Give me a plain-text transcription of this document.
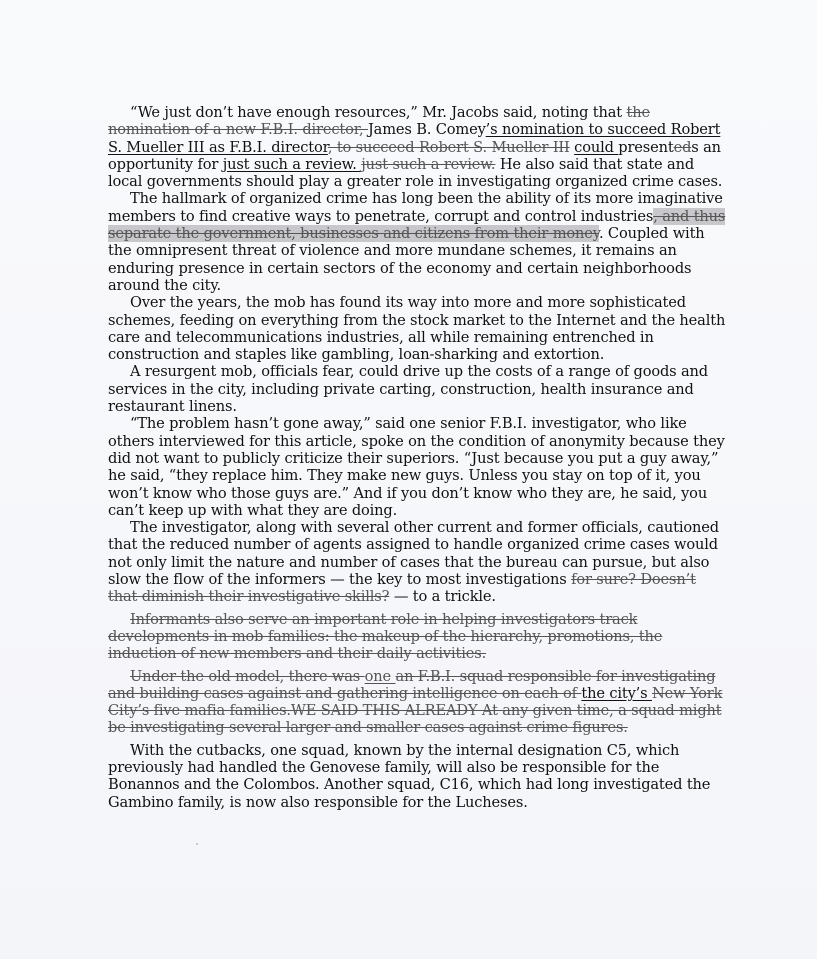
“We just don’t have enough resources,” Mr. Jacobs said, noting that the nomination of a new F.B.I. director, James B. Comey’s nomination to succeed Robert S. Mueller III as F.B.I. director, to succeed Robert S. Mueller III could presenteds an opportunity for just such a review. just such a review. He also said that state and local governments should play a greater role in investigating organized crime cases.

The hallmark of organized crime has long been the ability of its more imaginative members to find creative ways to penetrate, corrupt and control industries, and thus separate the government, businesses and citizens from their money. Coupled with the omnipresent threat of violence and more mundane schemes, it remains an enduring presence in certain sectors of the economy and certain neighborhoods around the city.

Over the years, the mob has found its way into more and more sophisticated schemes, feeding on everything from the stock market to the Internet and the health care and telecommunications industries, all while remaining entrenched in construction and staples like gambling, loan-sharking and extortion.

A resurgent mob, officials fear, could drive up the costs of a range of goods and services in the city, including private carting, construction, health insurance and restaurant linens.

“The problem hasn’t gone away,” said one senior F.B.I. investigator, who like others interviewed for this article, spoke on the condition of anonymity because they did not want to publicly criticize their superiors. “Just because you put a guy away,” he said, “they replace him. They make new guys. Unless you stay on top of it, you won’t know who those guys are.” And if you don’t know who they are, he said, you can’t keep up with what they are doing.

The investigator, along with several other current and former officials, cautioned that the reduced number of agents assigned to handle organized crime cases would not only limit the nature and number of cases that the bureau can pursue, but also slow the flow of the informers — the key to most investigations for sure? Doesn’t that diminish their investigative skills? — to a trickle.

Informants also serve an important role in helping investigators track developments in mob families: the makeup of the hierarchy, promotions, the induction of new members and their daily activities.

Under the old model, there was one an F.B.I. squad responsible for investigating and building cases against and gathering intelligence on each of the city’s New York City’s five mafia families.WE SAID THIS ALREADY At any given time, a squad might be investigating several larger and smaller cases against crime figures.

With the cutbacks, one squad, known by the internal designation C5, which previously had handled the Genovese family, will also be responsible for the Bonannos and the Colombos. Another squad, C16, which had long investigated the Gambino family, is now also responsible for the Lucheses.
